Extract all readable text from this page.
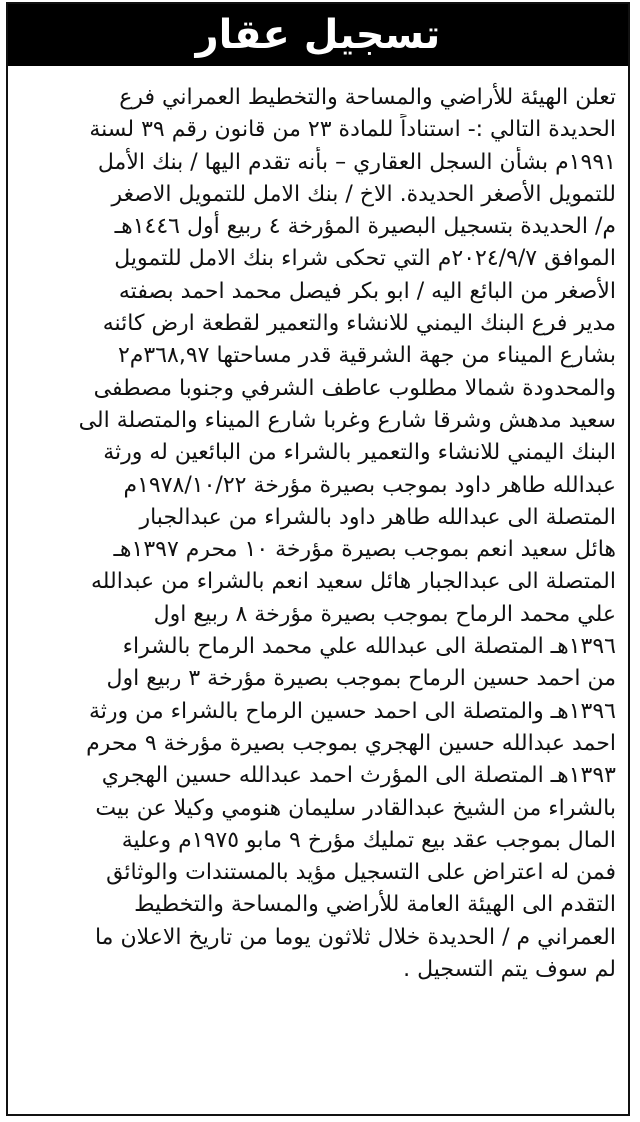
تسجيل عقار
تعلن الهيئة للأراضي والمساحة والتخطيط العمراني فرع
الحديدة التالي :- استناداً للمادة ٢٣ من قانون رقم ٣٩ لسنة
١٩٩١م بشأن السجل العقاري – بأنه تقدم اليها / بنك الأمل
للتمويل الأصغر الحديدة. الاخ / بنك الامل للتمويل الاصغر
م/ الحديدة بتسجيل البصيرة المؤرخة ٤ ربيع أول ١٤٤٦هـ
الموافق ٢٠٢٤/٩/٧م التي تحكى شراء بنك الامل للتمويل
الأصغر من البائع اليه / ابو بكر فيصل محمد احمد بصفته
مدير فرع البنك اليمني للانشاء والتعمير لقطعة ارض كائنه
بشارع الميناء من جهة الشرقية قدر مساحتها ٣٦٨,٩٧م٢
والمحدودة شمالا مطلوب عاطف الشرفي وجنوبا مصطفى
سعيد مدهش وشرقا شارع وغربا شارع الميناء والمتصلة الى
البنك اليمني للانشاء والتعمير بالشراء من البائعين له ورثة
عبدالله طاهر داود بموجب بصيرة مؤرخة ١٩٧٨/١٠/٢٢م
المتصلة الى عبدالله طاهر داود بالشراء من عبدالجبار
هائل سعيد انعم بموجب بصيرة مؤرخة ١٠ محرم ١٣٩٧هـ
المتصلة الى عبدالجبار هائل سعيد انعم بالشراء من عبدالله
علي محمد الرماح بموجب بصيرة مؤرخة ٨ ربيع اول
١٣٩٦هـ المتصلة الى عبدالله علي محمد الرماح بالشراء
من احمد حسين الرماح بموجب بصيرة مؤرخة ٣ ربيع اول
١٣٩٦هـ والمتصلة الى احمد حسين الرماح بالشراء من ورثة
احمد عبدالله حسين الهجري بموجب بصيرة مؤرخة ٩ محرم
١٣٩٣هـ المتصلة الى المؤرث احمد عبدالله حسين الهجري
بالشراء من الشيخ عبدالقادر سليمان هنومي وكيلا عن بيت
المال بموجب عقد بيع تمليك مؤرخ ٩ مابو ١٩٧٥م وعلية
فمن له اعتراض على التسجيل مؤيد بالمستندات والوثائق
التقدم الى الهيئة العامة للأراضي والمساحة والتخطيط
العمراني م / الحديدة خلال ثلاثون يوما من تاريخ الاعلان ما
لم سوف يتم التسجيل .
